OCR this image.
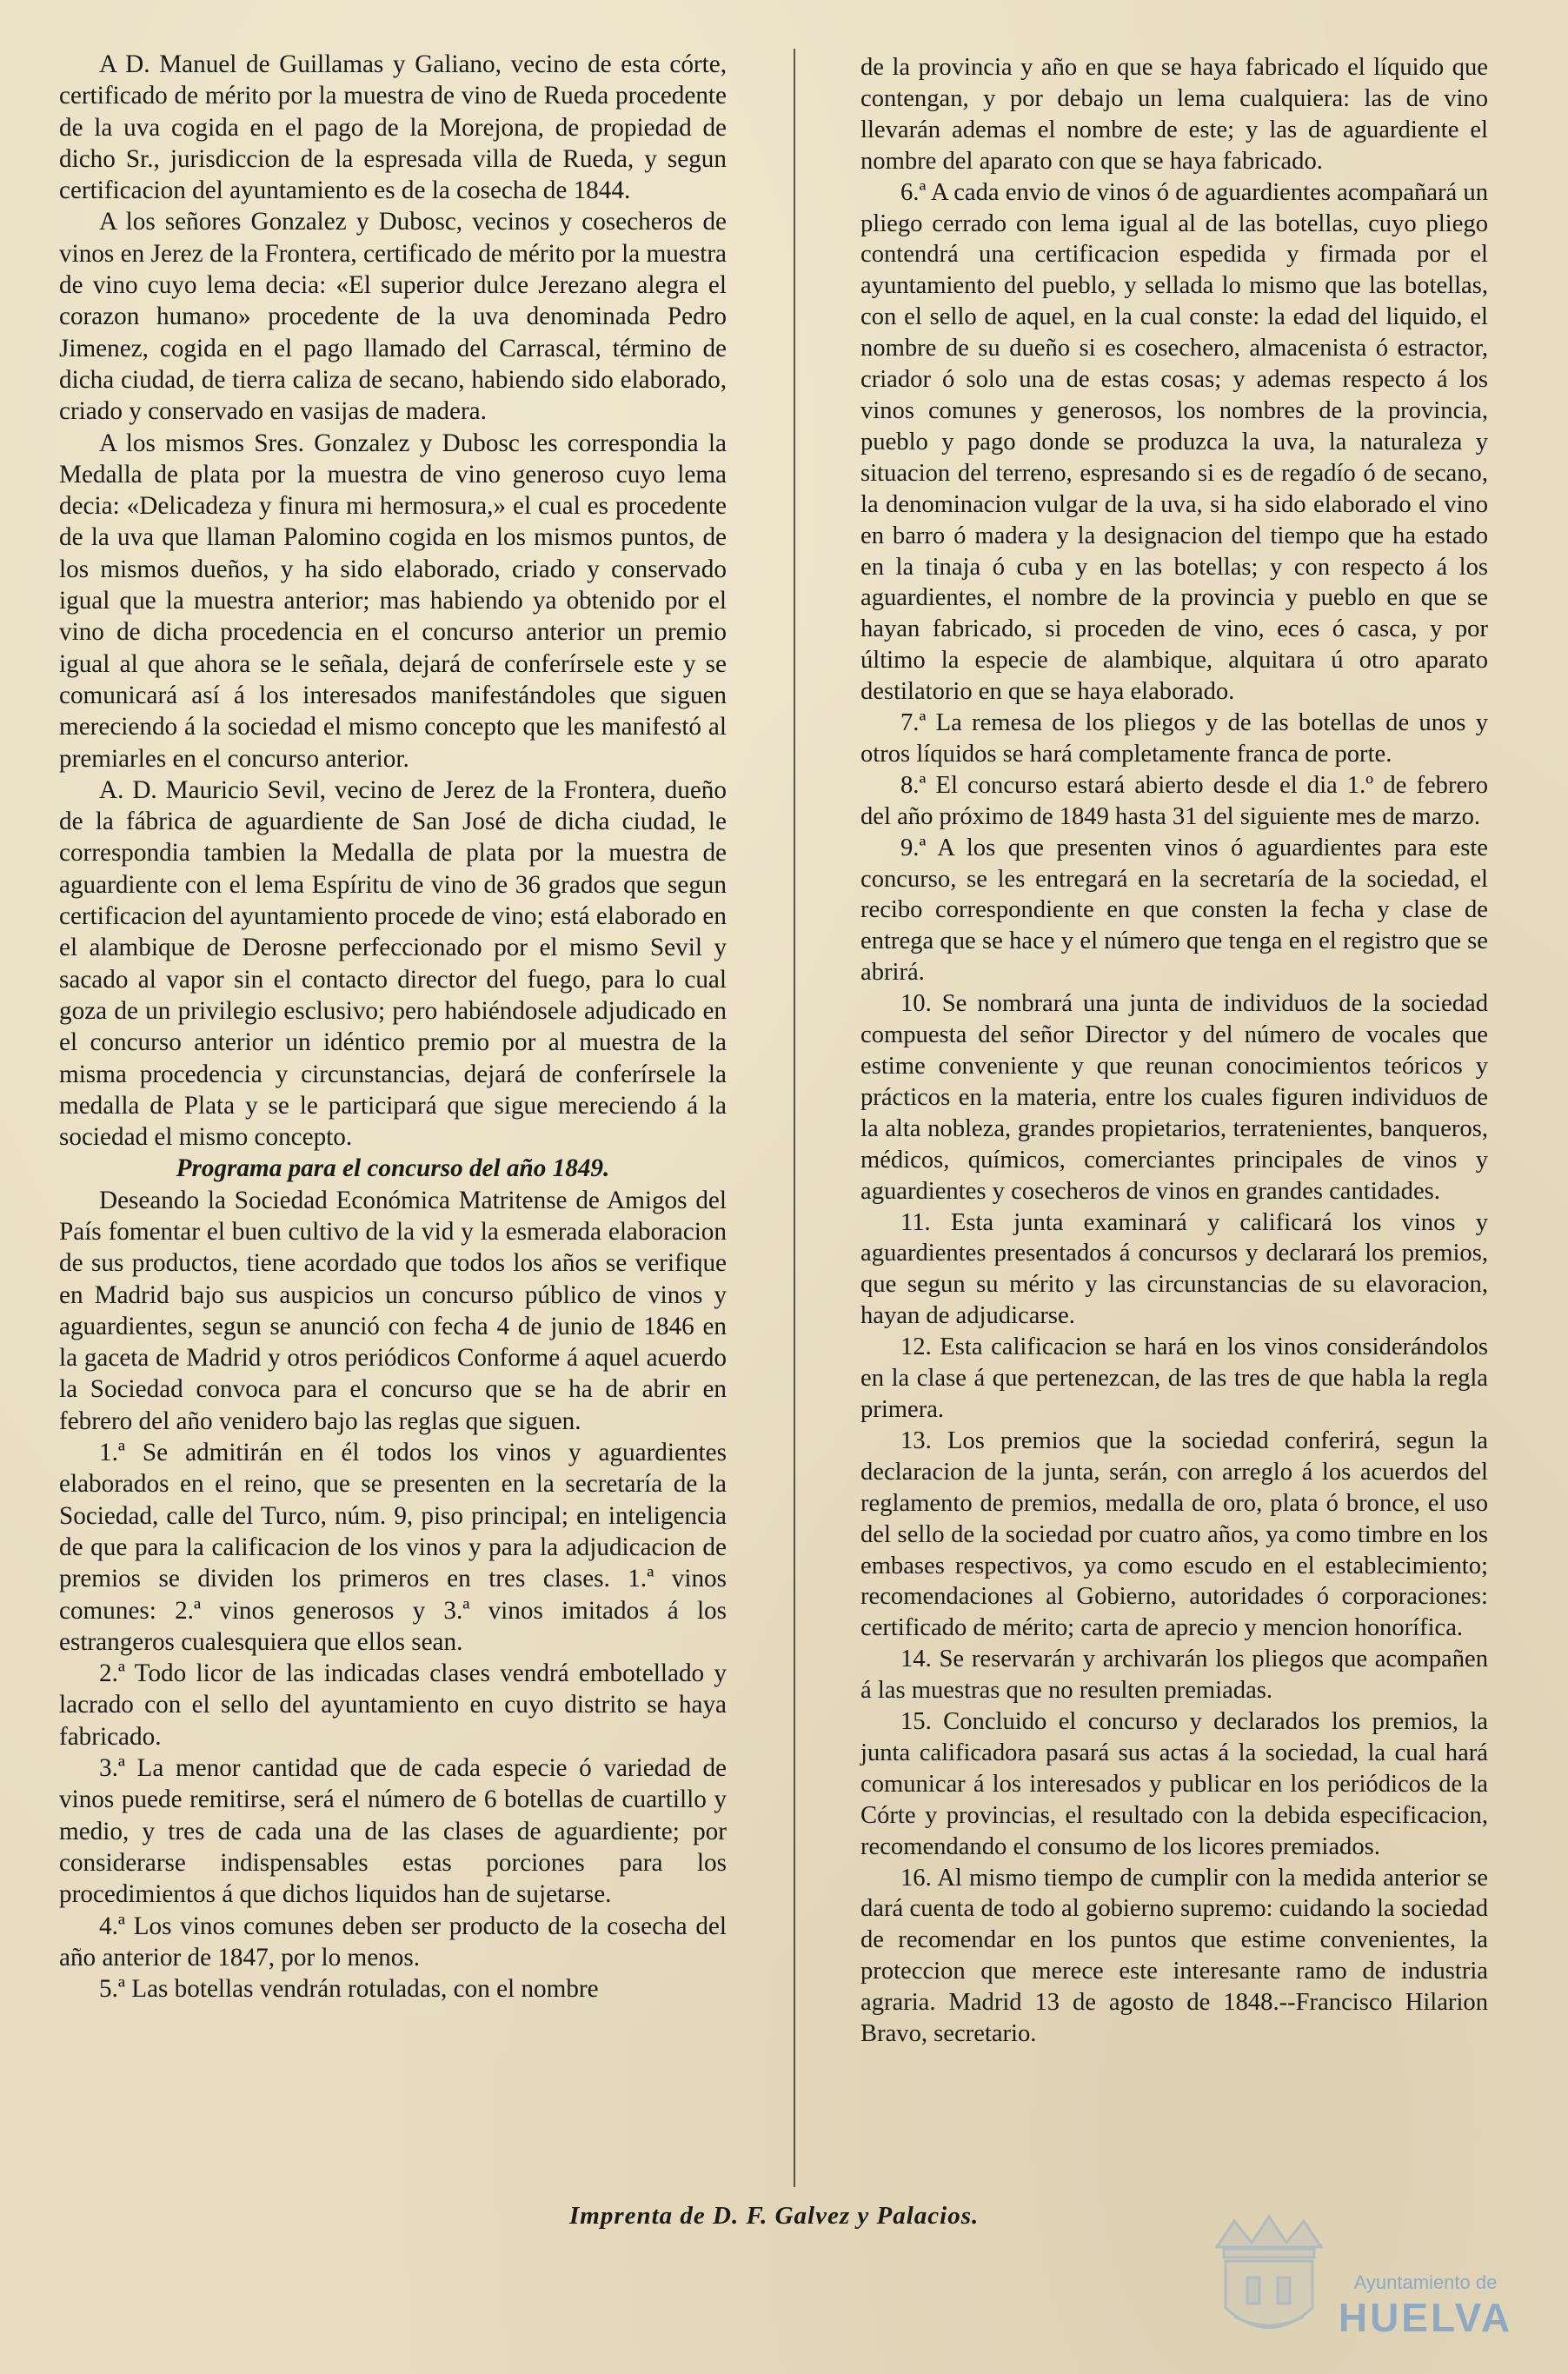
A D. Manuel de Guillamas y Galiano, vecino de esta córte, certificado de mérito por la muestra de vino de Rueda procedente de la uva cogida en el pago de la Morejona, de propiedad de dicho Sr., jurisdiccion de la espresada villa de Rueda, y segun certificacion del ayuntamiento es de la cosecha de 1844.

A los señores Gonzalez y Dubosc, vecinos y cosecheros de vinos en Jerez de la Frontera, certificado de mérito por la muestra de vino cuyo lema decia: «El superior dulce Jerezano alegra el corazon humano» procedente de la uva denominada Pedro Jimenez, cogida en el pago llamado del Carrascal, término de dicha ciudad, de tierra caliza de secano, habiendo sido elaborado, criado y conservado en vasijas de madera.

A los mismos Sres. Gonzalez y Dubosc les correspondia la Medalla de plata por la muestra de vino generoso cuyo lema decia: «Delicadeza y finura mi hermosura,» el cual es procedente de la uva que llaman Palomino cogida en los mismos puntos, de los mismos dueños, y ha sido elaborado, criado y conservado igual que la muestra anterior; mas habiendo ya obtenido por el vino de dicha procedencia en el concurso anterior un premio igual al que ahora se le señala, dejará de conferírsele este y se comunicará así á los interesados manifestándoles que siguen mereciendo á la sociedad el mismo concepto que les manifestó al premiarles en el concurso anterior.

A. D. Mauricio Sevil, vecino de Jerez de la Frontera, dueño de la fábrica de aguardiente de San José de dicha ciudad, le correspondia tambien la Medalla de plata por la muestra de aguardiente con el lema Espíritu de vino de 36 grados que segun certificacion del ayuntamiento procede de vino; está elaborado en el alambique de Derosne perfeccionado por el mismo Sevil y sacado al vapor sin el contacto director del fuego, para lo cual goza de un privilegio esclusivo; pero habiéndosele adjudicado en el concurso anterior un idéntico premio por al muestra de la misma procedencia y circunstancias, dejará de conferírsele la medalla de Plata y se le participará que sigue mereciendo á la sociedad el mismo concepto.

Programa para el concurso del año 1849.

Deseando la Sociedad Económica Matritense de Amigos del País fomentar el buen cultivo de la vid y la esmerada elaboracion de sus productos, tiene acordado que todos los años se verifique en Madrid bajo sus auspicios un concurso público de vinos y aguardientes, segun se anunció con fecha 4 de junio de 1846 en la gaceta de Madrid y otros periódicos Conforme á aquel acuerdo la Sociedad convoca para el concurso que se ha de abrir en febrero del año venidero bajo las reglas que siguen.

1.ª Se admitirán en él todos los vinos y aguardientes elaborados en el reino, que se presenten en la secretaría de la Sociedad, calle del Turco, núm. 9, piso principal; en inteligencia de que para la calificacion de los vinos y para la adjudicacion de premios se dividen los primeros en tres clases. 1.ª vinos comunes: 2.ª vinos generosos y 3.ª vinos imitados á los estrangeros cualesquiera que ellos sean.

2.ª Todo licor de las indicadas clases vendrá embotellado y lacrado con el sello del ayuntamiento en cuyo distrito se haya fabricado.

3.ª La menor cantidad que de cada especie ó variedad de vinos puede remitirse, será el número de 6 botellas de cuartillo y medio, y tres de cada una de las clases de aguardiente; por considerarse indispensables estas porciones para los procedimientos á que dichos liquidos han de sujetarse.

4.ª Los vinos comunes deben ser producto de la cosecha del año anterior de 1847, por lo menos.

5.ª Las botellas vendrán rotuladas, con el nombre

de la provincia y año en que se haya fabricado el líquido que contengan, y por debajo un lema cualquiera: las de vino llevarán ademas el nombre de este; y las de aguardiente el nombre del aparato con que se haya fabricado.

6.ª A cada envio de vinos ó de aguardientes acompañará un pliego cerrado con lema igual al de las botellas, cuyo pliego contendrá una certificacion espedida y firmada por el ayuntamiento del pueblo, y sellada lo mismo que las botellas, con el sello de aquel, en la cual conste: la edad del liquido, el nombre de su dueño si es cosechero, almacenista ó estractor, criador ó solo una de estas cosas; y ademas respecto á los vinos comunes y generosos, los nombres de la provincia, pueblo y pago donde se produzca la uva, la naturaleza y situacion del terreno, espresando si es de regadío ó de secano, la denominacion vulgar de la uva, si ha sido elaborado el vino en barro ó madera y la designacion del tiempo que ha estado en la tinaja ó cuba y en las botellas; y con respecto á los aguardientes, el nombre de la provincia y pueblo en que se hayan fabricado, si proceden de vino, eces ó casca, y por último la especie de alambique, alquitara ú otro aparato destilatorio en que se haya elaborado.

7.ª La remesa de los pliegos y de las botellas de unos y otros líquidos se hará completamente franca de porte.

8.ª El concurso estará abierto desde el dia 1.º de febrero del año próximo de 1849 hasta 31 del siguiente mes de marzo.

9.ª A los que presenten vinos ó aguardientes para este concurso, se les entregará en la secretaría de la sociedad, el recibo correspondiente en que consten la fecha y clase de entrega que se hace y el número que tenga en el registro que se abrirá.

10. Se nombrará una junta de individuos de la sociedad compuesta del señor Director y del número de vocales que estime conveniente y que reunan conocimientos teóricos y prácticos en la materia, entre los cuales figuren individuos de la alta nobleza, grandes propietarios, terratenientes, banqueros, médicos, químicos, comerciantes principales de vinos y aguardientes y cosecheros de vinos en grandes cantidades.

11. Esta junta examinará y calificará los vinos y aguardientes presentados á concursos y declarará los premios, que segun su mérito y las circunstancias de su elavoracion, hayan de adjudicarse.

12. Esta calificacion se hará en los vinos considerándolos en la clase á que pertenezcan, de las tres de que habla la regla primera.

13. Los premios que la sociedad conferirá, segun la declaracion de la junta, serán, con arreglo á los acuerdos del reglamento de premios, medalla de oro, plata ó bronce, el uso del sello de la sociedad por cuatro años, ya como timbre en los embases respectivos, ya como escudo en el establecimiento; recomendaciones al Gobierno, autoridades ó corporaciones: certificado de mérito; carta de aprecio y mencion honorífica.

14. Se reservarán y archivarán los pliegos que acompañen á las muestras que no resulten premiadas.

15. Concluido el concurso y declarados los premios, la junta calificadora pasará sus actas á la sociedad, la cual hará comunicar á los interesados y publicar en los periódicos de la Córte y provincias, el resultado con la debida especificacion, recomendando el consumo de los licores premiados.

16. Al mismo tiempo de cumplir con la medida anterior se dará cuenta de todo al gobierno supremo: cuidando la sociedad de recomendar en los puntos que estime convenientes, la proteccion que merece este interesante ramo de industria agraria. Madrid 13 de agosto de 1848.--Francisco Hilarion Bravo, secretario.

Imprenta de D. F. Galvez y Palacios.
Ayuntamiento de
HUELVA
